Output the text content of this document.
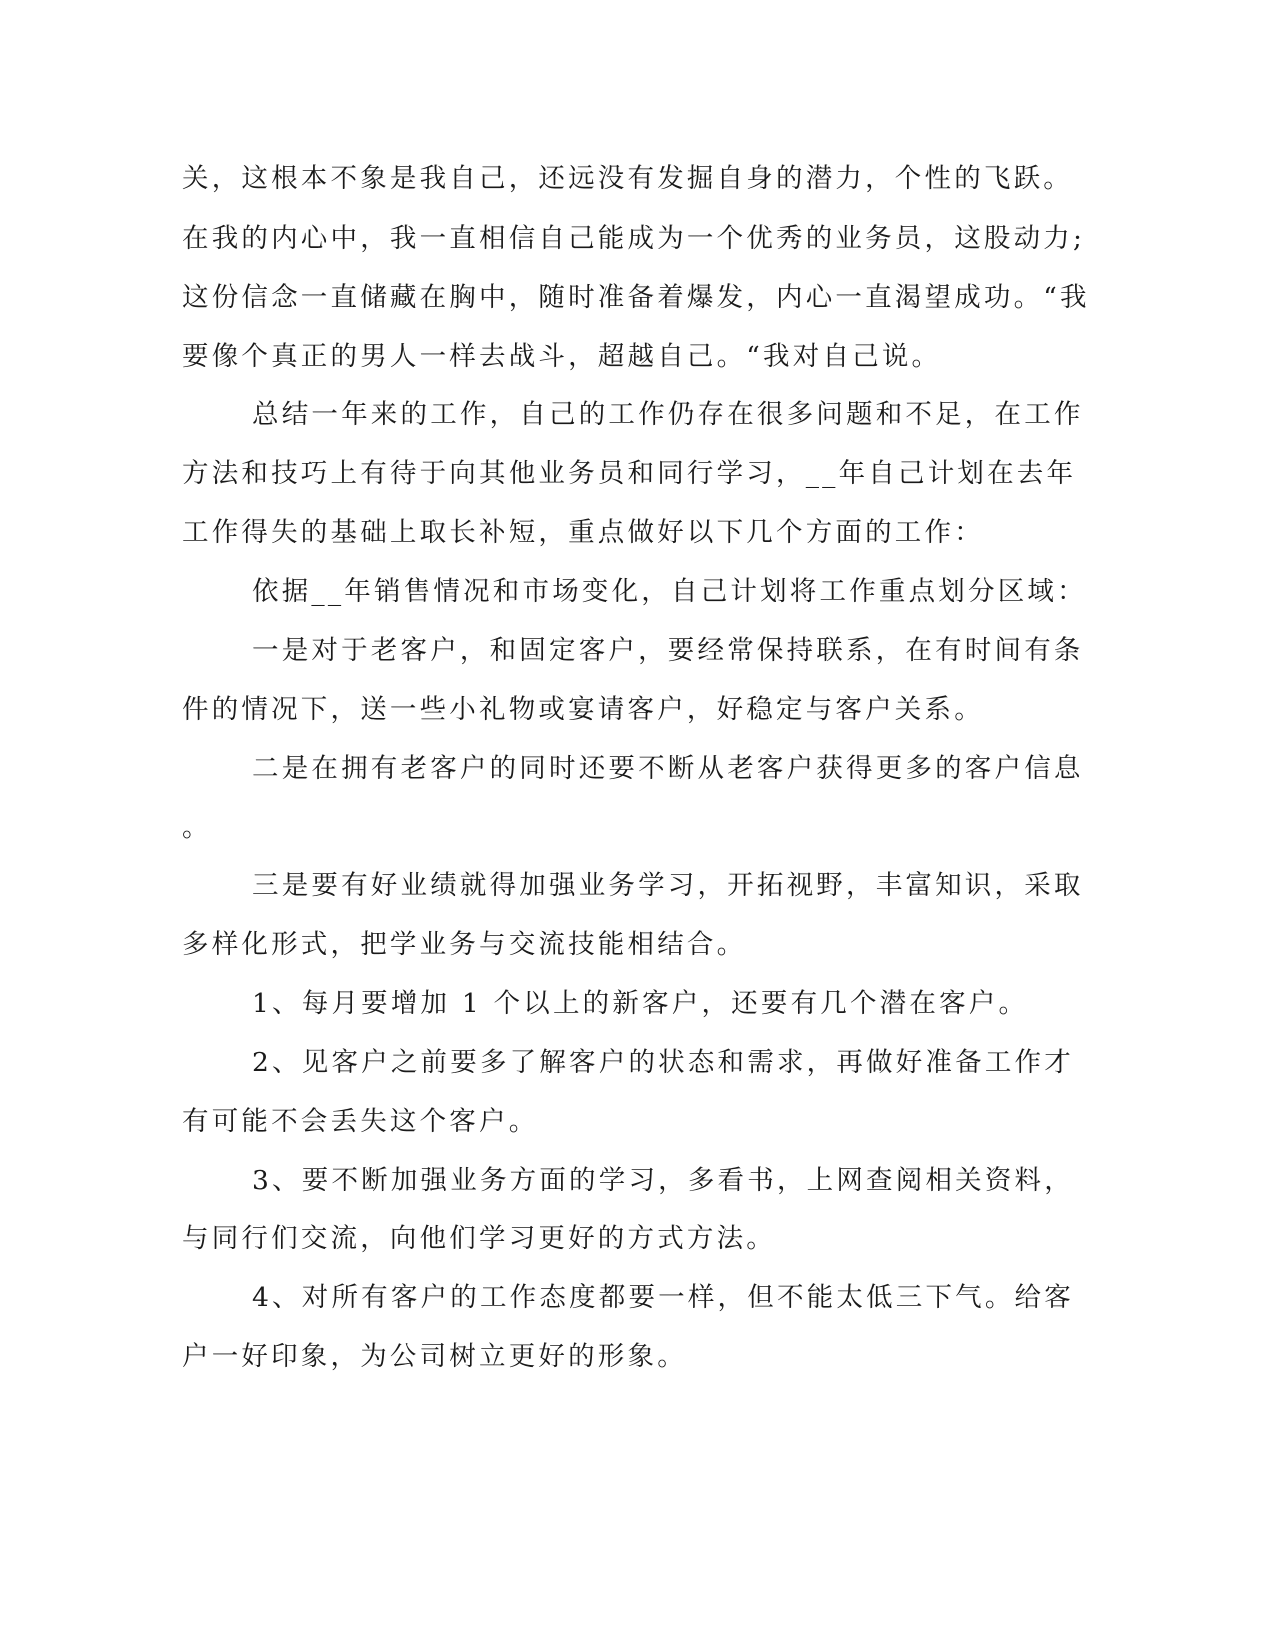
关，这根本不象是我自己，还远没有发掘自身的潜力，个性的飞跃。

在我的内心中，我一直相信自己能成为一个优秀的业务员，这股动力;

这份信念一直储藏在胸中，随时准备着爆发，内心一直渴望成功。“我

要像个真正的男人一样去战斗，超越自己。“我对自己说。

总结一年来的工作，自己的工作仍存在很多问题和不足，在工作

方法和技巧上有待于向其他业务员和同行学习，__年自己计划在去年

工作得失的基础上取长补短，重点做好以下几个方面的工作：

依据__年销售情况和市场变化，自己计划将工作重点划分区域：

一是对于老客户，和固定客户，要经常保持联系，在有时间有条

件的情况下，送一些小礼物或宴请客户，好稳定与客户关系。

二是在拥有老客户的同时还要不断从老客户获得更多的客户信息

。

三是要有好业绩就得加强业务学习，开拓视野，丰富知识，采取

多样化形式，把学业务与交流技能相结合。

1、每月要增加 1 个以上的新客户，还要有几个潜在客户。

2、见客户之前要多了解客户的状态和需求，再做好准备工作才

有可能不会丢失这个客户。

3、要不断加强业务方面的学习，多看书，上网查阅相关资料，

与同行们交流，向他们学习更好的方式方法。

4、对所有客户的工作态度都要一样，但不能太低三下气。给客

户一好印象，为公司树立更好的形象。
